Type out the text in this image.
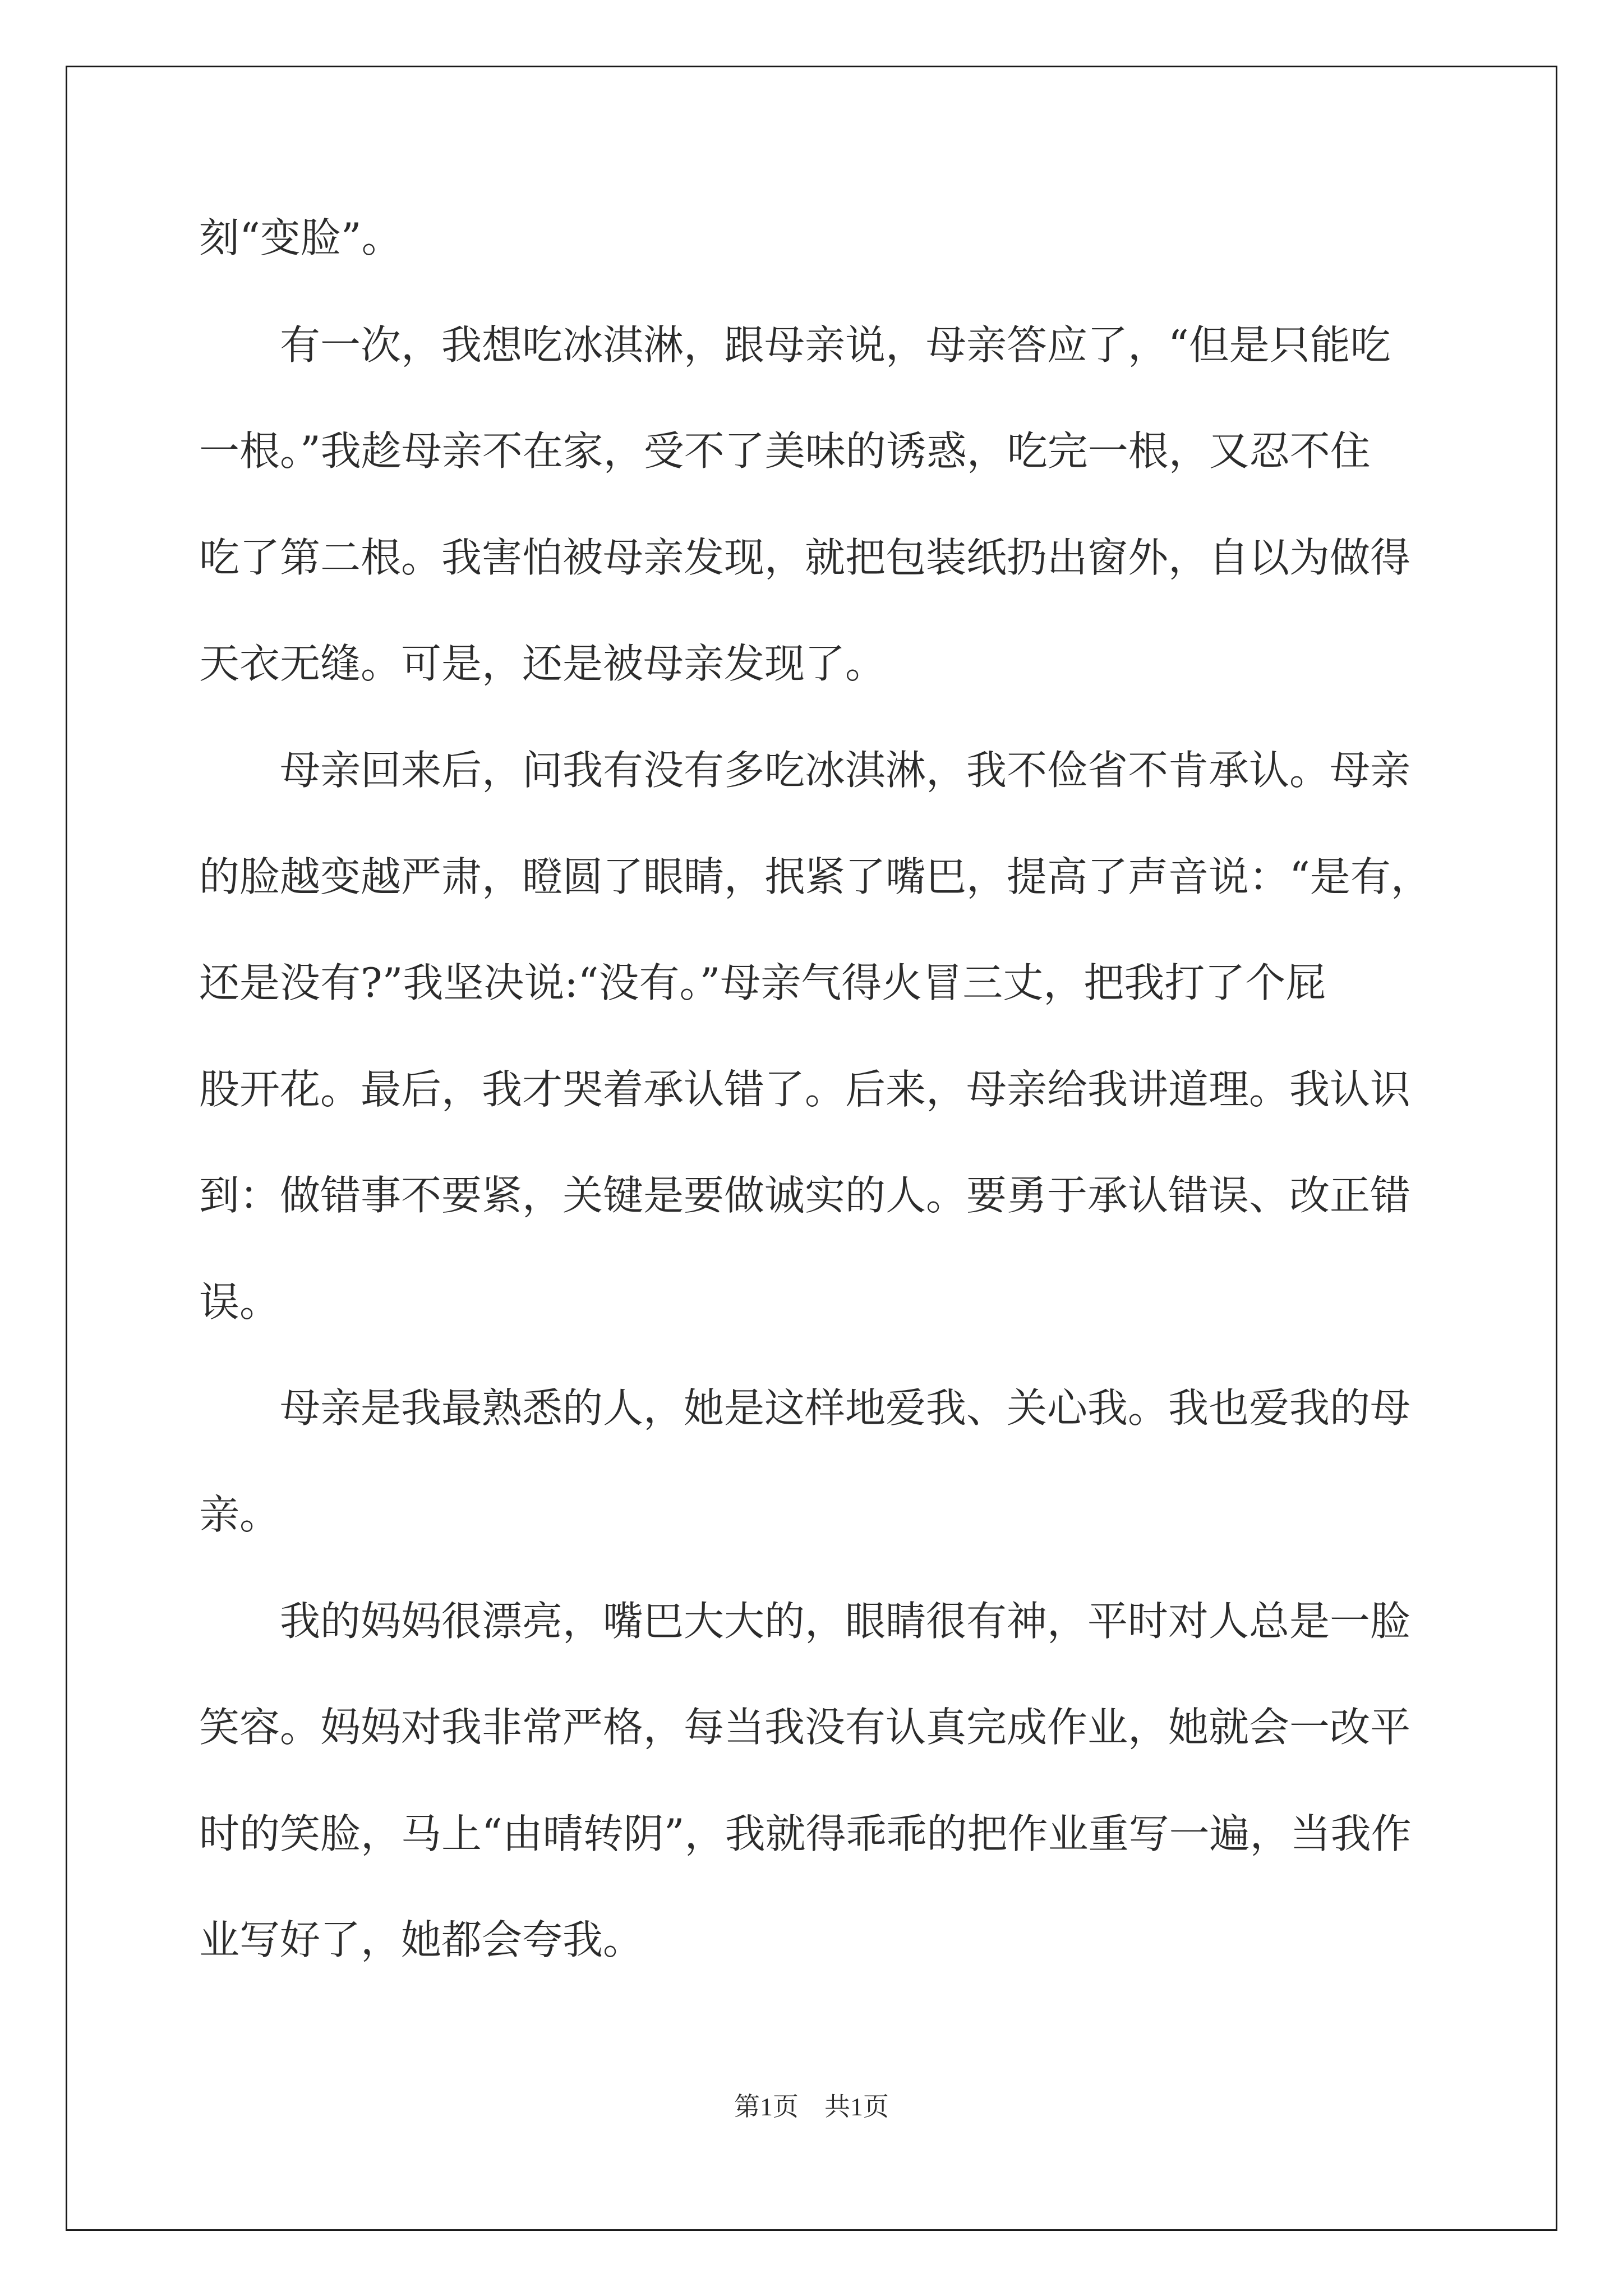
刻“变脸”。

　　有一次，我想吃冰淇淋，跟母亲说，母亲答应了，“但是只能吃

一根。”我趁母亲不在家，受不了美味的诱惑，吃完一根，又忍不住

吃了第二根。我害怕被母亲发现，就把包装纸扔出窗外，自以为做得

天衣无缝。可是，还是被母亲发现了。

　　母亲回来后，问我有没有多吃冰淇淋，我不俭省不肯承认。母亲

的脸越变越严肃，瞪圆了眼睛，抿紧了嘴巴，提高了声音说：“是有，

还是没有?”我坚决说:“没有。”母亲气得火冒三丈，把我打了个屁

股开花。最后，我才哭着承认错了。后来，母亲给我讲道理。我认识

到：做错事不要紧，关键是要做诚实的人。要勇于承认错误、改正错

误。

　　母亲是我最熟悉的人，她是这样地爱我、关心我。我也爱我的母

亲。

　　我的妈妈很漂亮，嘴巴大大的，眼睛很有神，平时对人总是一脸

笑容。妈妈对我非常严格，每当我没有认真完成作业，她就会一改平

时的笑脸，马上“由晴转阴”，我就得乖乖的把作业重写一遍，当我作

业写好了，她都会夸我。

第1页　共1页
